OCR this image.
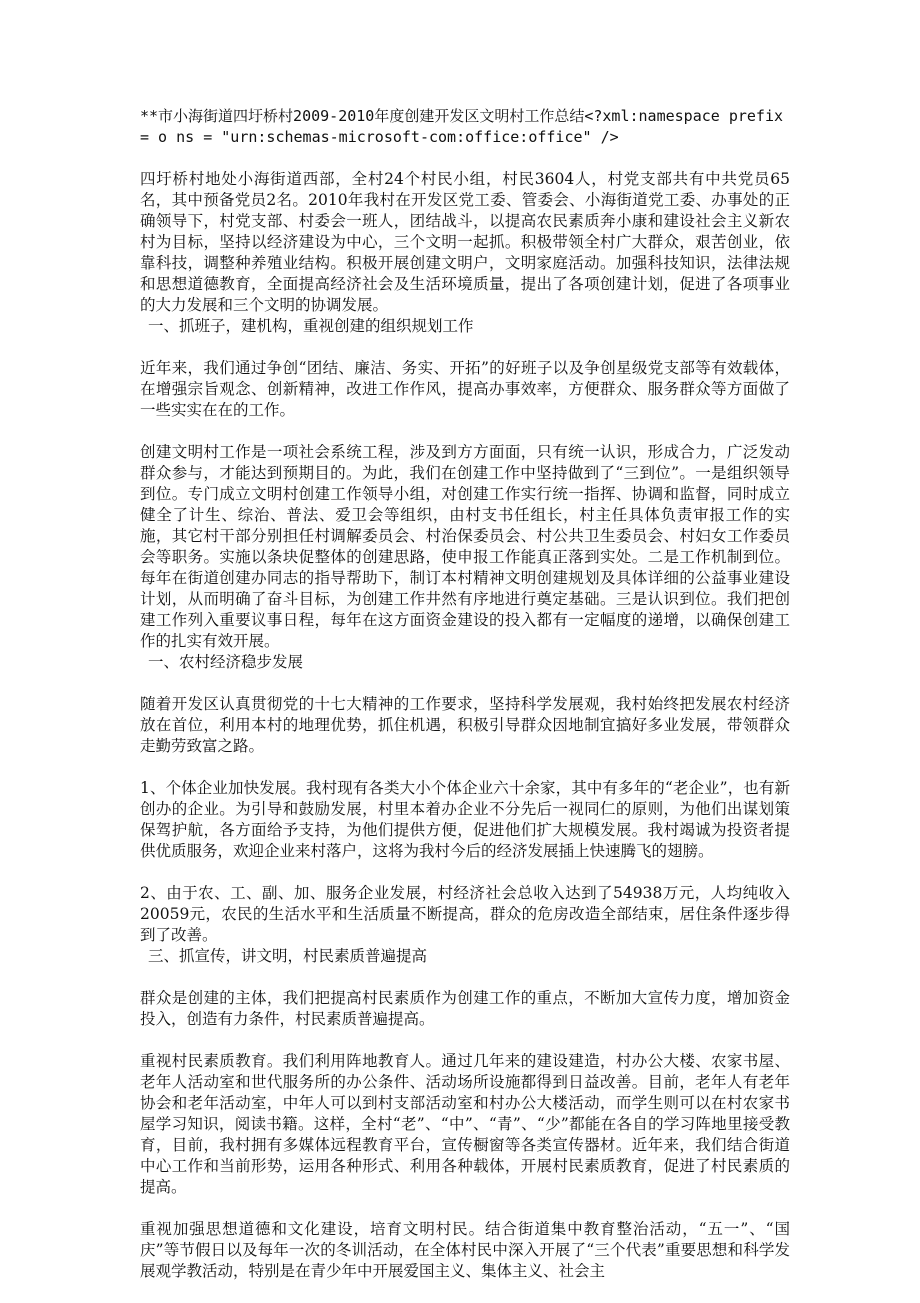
**市小海街道四圩桥村2009-2010年度创建开发区文明村工作总结<?xml:namespace prefix = o ns = "urn:schemas-microsoft-com:office:office" />

四圩桥村地处小海街道西部，全村24个村民小组，村民3604人，村党支部共有中共党员65名，其中预备党员2名。2010年我村在开发区党工委、管委会、小海街道党工委、办事处的正确领导下，村党支部、村委会一班人，团结战斗，以提高农民素质奔小康和建设社会主义新农村为目标，坚持以经济建设为中心，三个文明一起抓。积极带领全村广大群众，艰苦创业，依靠科技，调整种养殖业结构。积极开展创建文明户，文明家庭活动。加强科技知识，法律法规和思想道德教育，全面提高经济社会及生活环境质量，提出了各项创建计划，促进了各项事业的大力发展和三个文明的协调发展。

一、抓班子，建机构，重视创建的组织规划工作

近年来，我们通过争创“团结、廉洁、务实、开拓”的好班子以及争创星级党支部等有效载体，在增强宗旨观念、创新精神，改进工作作风，提高办事效率，方便群众、服务群众等方面做了一些实实在在的工作。

创建文明村工作是一项社会系统工程，涉及到方方面面，只有统一认识，形成合力，广泛发动群众参与，才能达到预期目的。为此，我们在创建工作中坚持做到了“三到位”。一是组织领导到位。专门成立文明村创建工作领导小组，对创建工作实行统一指挥、协调和监督，同时成立健全了计生、综治、普法、爱卫会等组织，由村支书任组长，村主任具体负责审报工作的实施，其它村干部分别担任村调解委员会、村治保委员会、村公共卫生委员会、村妇女工作委员会等职务。实施以条块促整体的创建思路，使申报工作能真正落到实处。二是工作机制到位。每年在街道创建办同志的指导帮助下，制订本村精神文明创建规划及具体详细的公益事业建设计划，从而明确了奋斗目标，为创建工作井然有序地进行奠定基础。三是认识到位。我们把创建工作列入重要议事日程，每年在这方面资金建设的投入都有一定幅度的递增，以确保创建工作的扎实有效开展。

一、农村经济稳步发展

随着开发区认真贯彻党的十七大精神的工作要求，坚持科学发展观，我村始终把发展农村经济放在首位，利用本村的地理优势，抓住机遇，积极引导群众因地制宜搞好多业发展，带领群众走勤劳致富之路。

1、个体企业加快发展。我村现有各类大小个体企业六十余家，其中有多年的“老企业”，也有新创办的企业。为引导和鼓励发展，村里本着办企业不分先后一视同仁的原则，为他们出谋划策保驾护航，各方面给予支持，为他们提供方便，促进他们扩大规模发展。我村竭诚为投资者提供优质服务，欢迎企业来村落户，这将为我村今后的经济发展插上快速腾飞的翅膀。

2、由于农、工、副、加、服务企业发展，村经济社会总收入达到了54938万元，人均纯收入20059元，农民的生活水平和生活质量不断提高，群众的危房改造全部结束，居住条件逐步得到了改善。

三、抓宣传，讲文明，村民素质普遍提高

群众是创建的主体，我们把提高村民素质作为创建工作的重点，不断加大宣传力度，增加资金投入，创造有力条件，村民素质普遍提高。

重视村民素质教育。我们利用阵地教育人。通过几年来的建设建造，村办公大楼、农家书屋、老年人活动室和世代服务所的办公条件、活动场所设施都得到日益改善。目前，老年人有老年协会和老年活动室，中年人可以到村支部活动室和村办公大楼活动，而学生则可以在村农家书屋学习知识，阅读书籍。这样，全村“老”、“中”、“青”、“少”都能在各自的学习阵地里接受教育，目前，我村拥有多媒体远程教育平台，宣传橱窗等各类宣传器材。近年来，我们结合街道中心工作和当前形势，运用各种形式、利用各种载体，开展村民素质教育，促进了村民素质的提高。

重视加强思想道德和文化建设，培育文明村民。结合街道集中教育整治活动，“五一”、“国庆”等节假日以及每年一次的冬训活动，在全体村民中深入开展了“三个代表”重要思想和科学发展观学教活动，特别是在青少年中开展爱国主义、集体主义、社会主
